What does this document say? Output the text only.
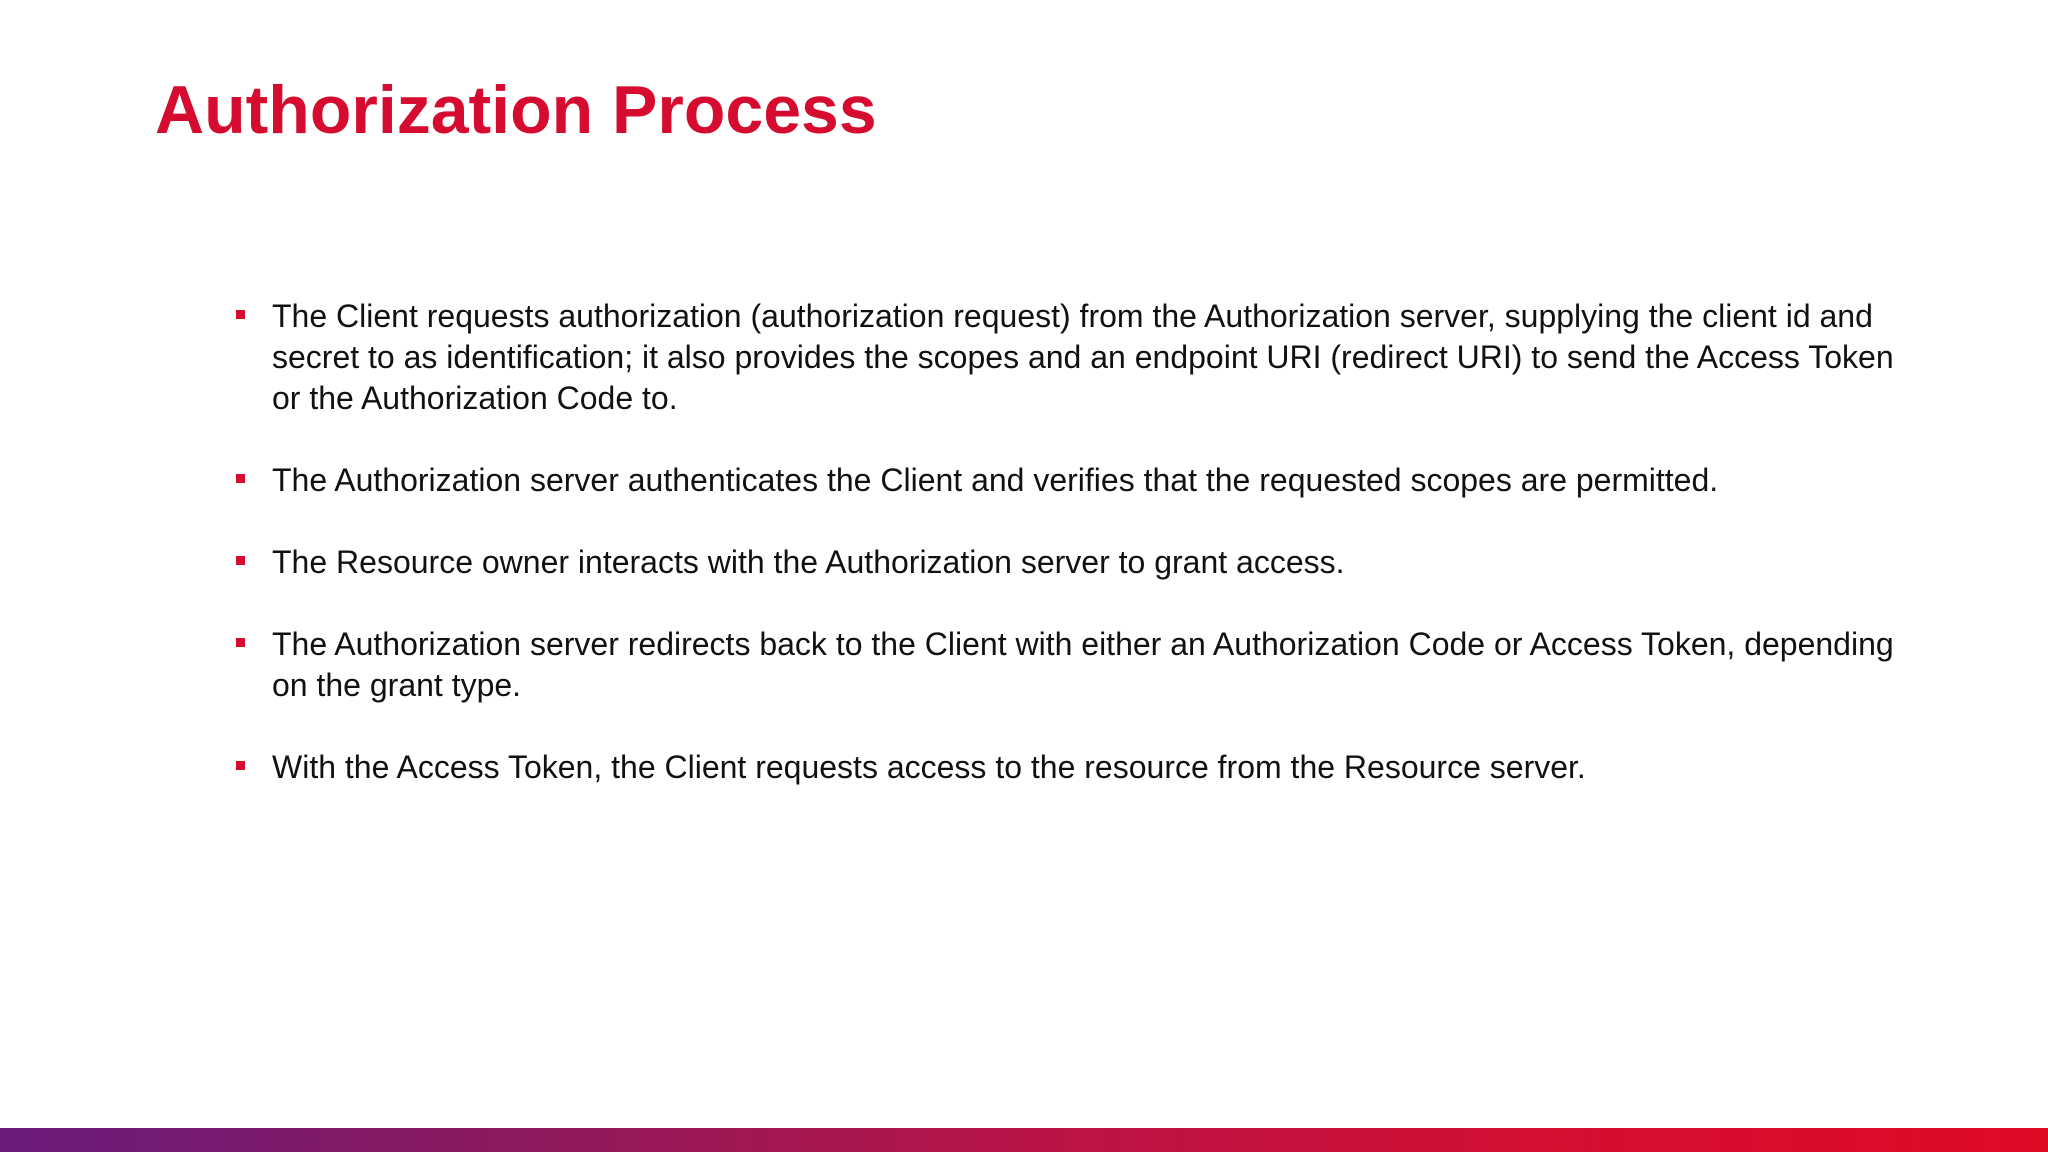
Authorization Process
The Client requests authorization (authorization request) from the Authorization server, supplying the client id and secret to as identification; it also provides the scopes and an endpoint URI (redirect URI) to send the Access Token or the Authorization Code to.
The Authorization server authenticates the Client and verifies that the requested scopes are permitted.
The Resource owner interacts with the Authorization server to grant access.
The Authorization server redirects back to the Client with either an Authorization Code or Access Token, depending on the grant type.
With the Access Token, the Client requests access to the resource from the Resource server.
